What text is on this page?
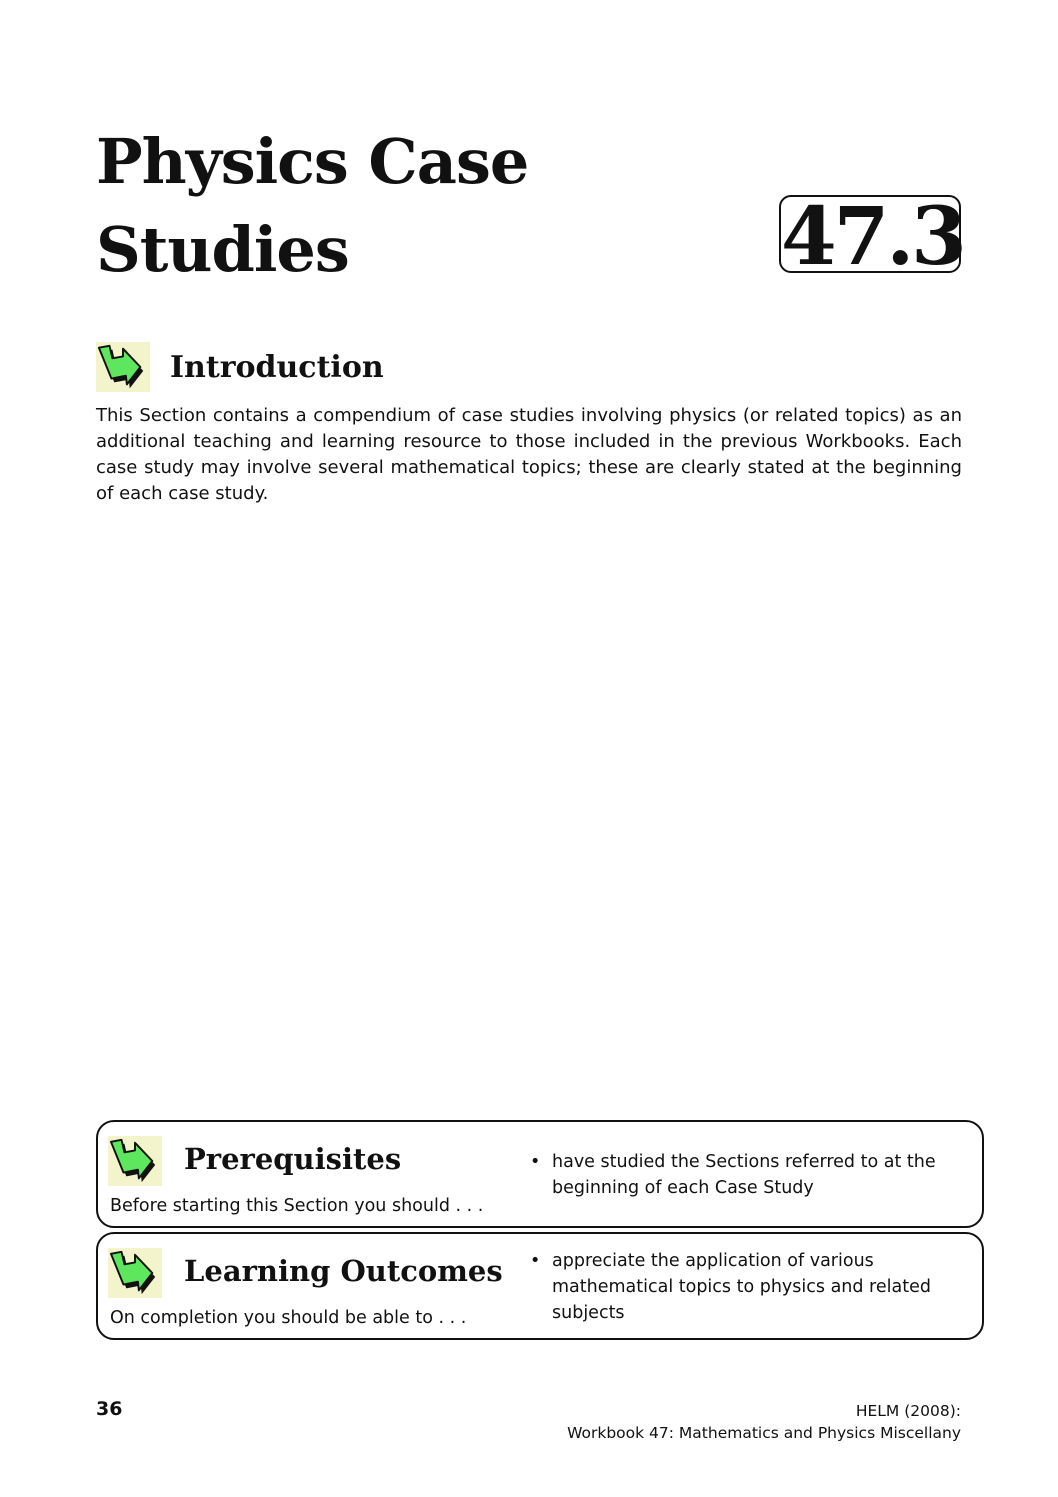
Physics Case
Studies	47.3
Introduction

This Section contains a compendium of case studies involving physics (or related topics) as an additional teaching and learning resource to those included in the previous Workbooks. Each case study may involve several mathematical topics; these are clearly stated at the beginning of each case study.

Prerequisites

Before starting this Section you should . . .

• have studied the Sections referred to at the beginning of each Case Study
Learning Outcomes

On completion you should be able to . . .

• appreciate the application of various mathematical topics to physics and related subjects
36	HELM (2008):
Workbook 47: Mathematics and Physics Miscellany
